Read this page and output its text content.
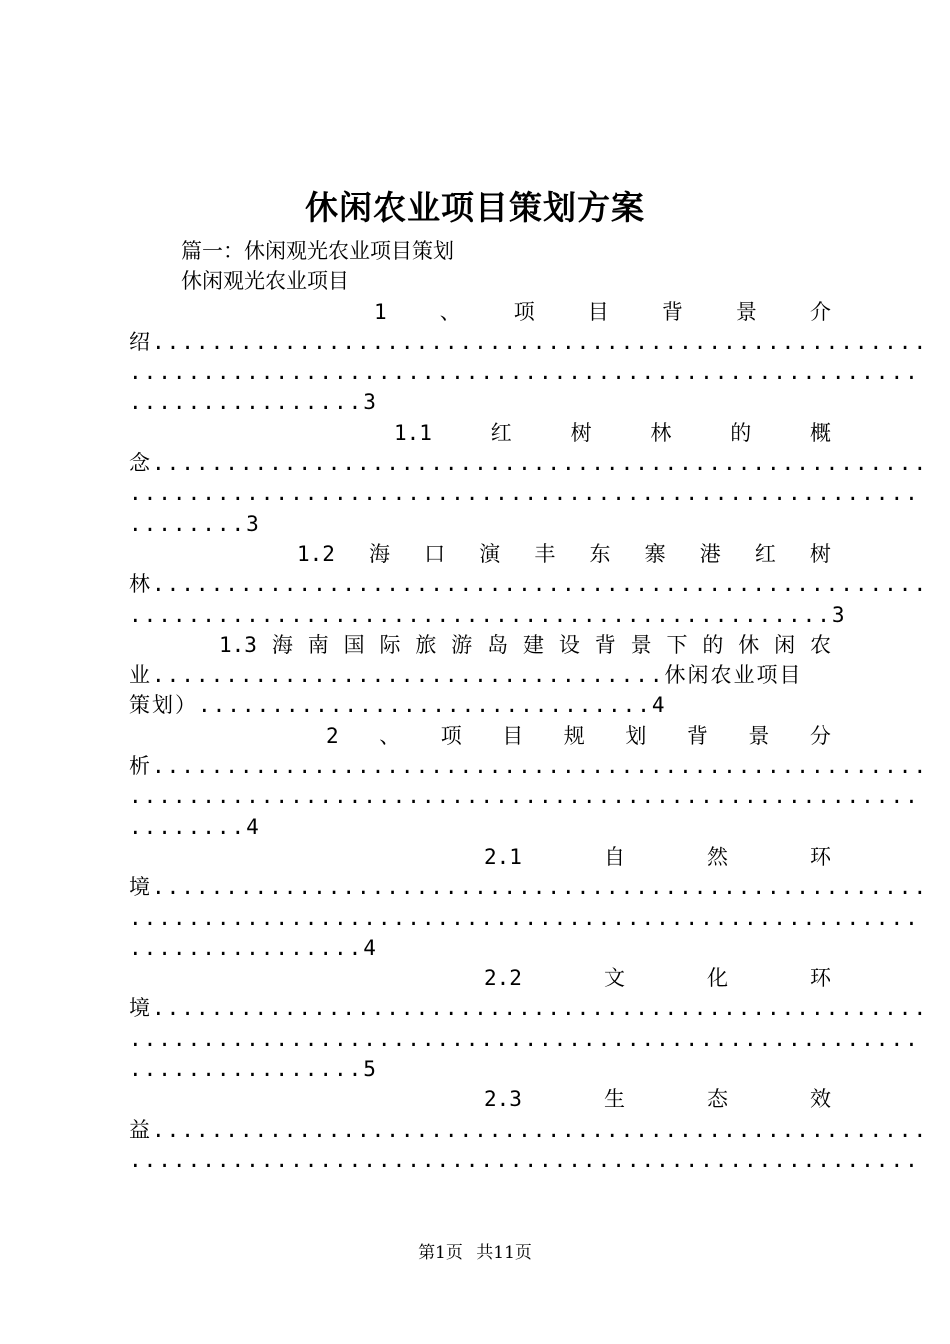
休闲农业项目策划方案
篇一：休闲观光农业项目策划
休闲观光农业项目
1	、	项	目	背	景	介
绍.....................................................
......................................................
................3
1.1	红	树	林	的	概
念.....................................................
......................................................
........3
1.2 海 口 演 丰 东 寨 港 红 树
林.....................................................
................................................3
1.3 海 南 国 际 旅 游 岛 建 设 背 景 下 的 休 闲 农
业...................................休闲农业项目
策划）...............................4
2 、 项 目 规 划 背 景 分
析.....................................................
......................................................
........4
2.1	自	然	环
境.....................................................
......................................................
................4
2.2	文	化	环
境.....................................................
......................................................
................5
2.3	生	态	效
益.....................................................
......................................................
第1页 共11页
